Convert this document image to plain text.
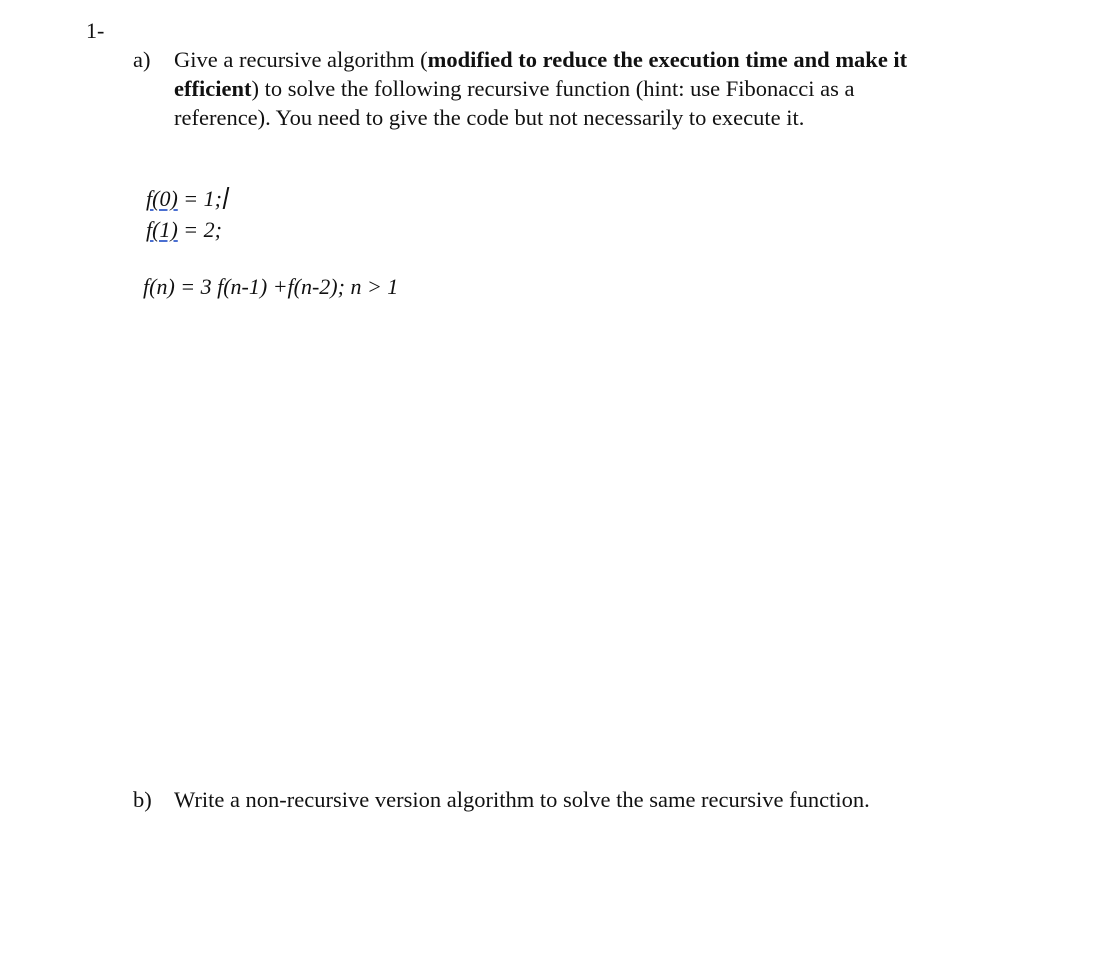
1-
a) Give a recursive algorithm (modified to reduce the execution time and make it
efficient) to solve the following recursive function (hint: use Fibonacci as a
reference). You need to give the code but not necessarily to execute it.
f(0) = 1;
f(1) = 2;
f(n) = 3 f(n-1) +f(n-2); n > 1
b) Write a non-recursive version algorithm to solve the same recursive function.
